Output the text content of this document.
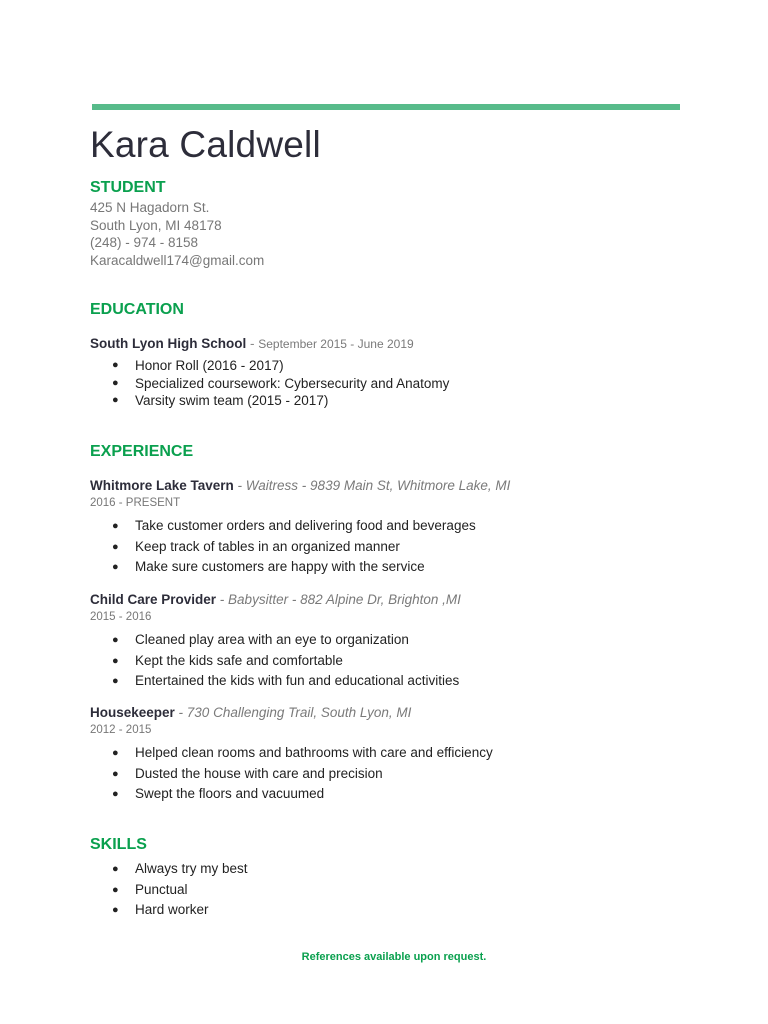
Kara Caldwell
STUDENT
425 N Hagadorn St.
South Lyon, MI 48178
(248) - 974 - 8158
Karacaldwell174@gmail.com
EDUCATION
South Lyon High School - September 2015 - June 2019
● Honor Roll (2016 - 2017)
● Specialized coursework: Cybersecurity and Anatomy
● Varsity swim team (2015 - 2017)
EXPERIENCE
Whitmore Lake Tavern - Waitress - 9839 Main St, Whitmore Lake, MI
2016 - PRESENT
● Take customer orders and delivering food and beverages
● Keep track of tables in an organized manner
● Make sure customers are happy with the service
Child Care Provider - Babysitter - 882 Alpine Dr, Brighton ,MI
2015 - 2016
● Cleaned play area with an eye to organization
● Kept the kids safe and comfortable
● Entertained the kids with fun and educational activities
Housekeeper - 730 Challenging Trail, South Lyon, MI
2012 - 2015
● Helped clean rooms and bathrooms with care and efficiency
● Dusted the house with care and precision
● Swept the floors and vacuumed
SKILLS
● Always try my best
● Punctual
● Hard worker
References available upon request.
